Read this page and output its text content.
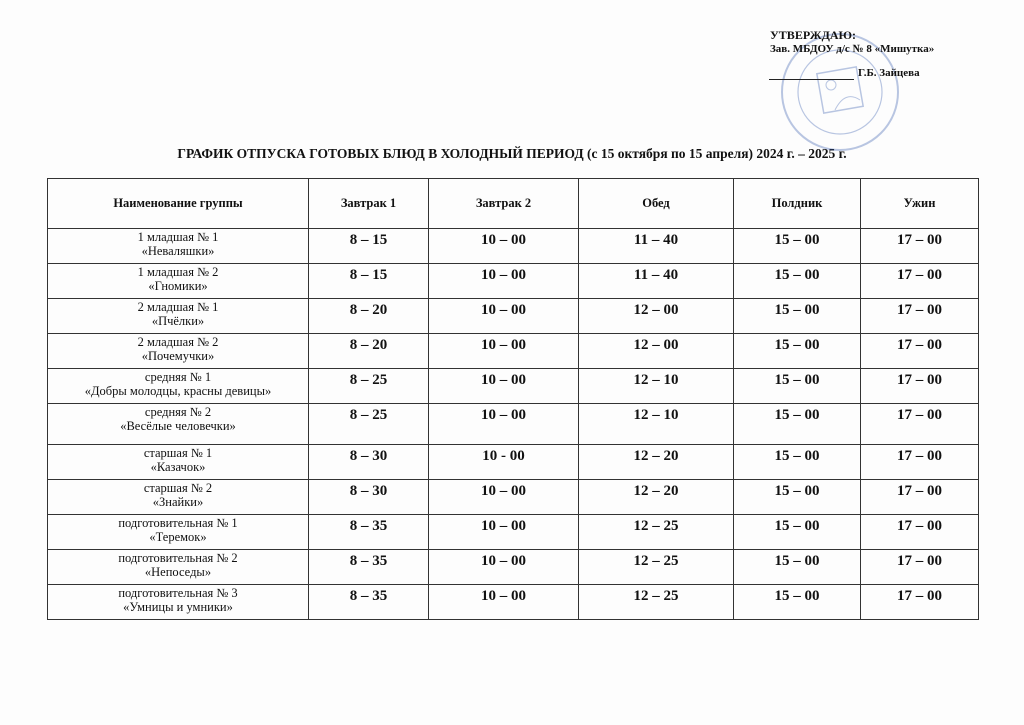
УТВЕРЖДАЮ:
Зав. МБДОУ д/с № 8 «Мишутка»
Г.Б. Зайцева
ГРАФИК ОТПУСКА ГОТОВЫХ БЛЮД В ХОЛОДНЫЙ ПЕРИОД (с 15 октября по 15 апреля) 2024 г. – 2025 г.
Наименование группы	Завтрак 1	Завтрак 2	Обед	Полдник	Ужин

1 младшая № 1
«Неваляшки»	8 – 15	10 – 00	11 – 40	15 – 00	17 – 00

1 младшая № 2
«Гномики»	8 – 15	10 – 00	11 – 40	15 – 00	17 – 00

2 младшая № 1
«Пчёлки»	8 – 20	10 – 00	12 – 00	15 – 00	17 – 00

2 младшая № 2
«Почемучки»	8 – 20	10 – 00	12 – 00	15 – 00	17 – 00

средняя № 1
«Добры молодцы, красны девицы»	8 – 25	10 – 00	12 – 10	15 – 00	17 – 00

средняя № 2
«Весёлые человечки»	8 – 25	10 – 00	12 – 10	15 – 00	17 – 00

старшая № 1
«Казачок»	8 – 30	10 - 00	12 – 20	15 – 00	17 – 00

старшая № 2
«Знайки»	8 – 30	10 – 00	12 – 20	15 – 00	17 – 00

подготовительная № 1
«Теремок»	8 – 35	10 – 00	12 – 25	15 – 00	17 – 00

подготовительная № 2
«Непоседы»	8 – 35	10 – 00	12 – 25	15 – 00	17 – 00

подготовительная № 3
«Умницы и умники»	8 – 35	10 – 00	12 – 25	15 – 00	17 – 00
